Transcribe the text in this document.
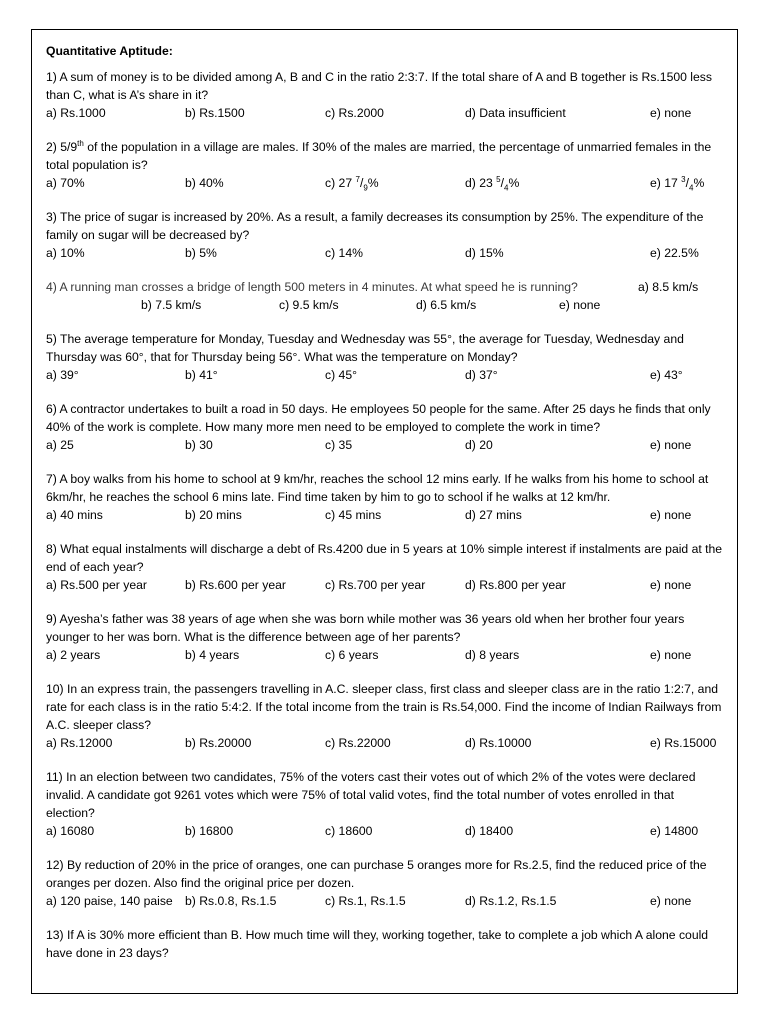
Quantitative Aptitude:
1) A sum of money is to be divided among A, B and C in the ratio 2:3:7. If the total share of A and B together is Rs.1500 less than C, what is A’s share in it?
a) Rs.1000	b) Rs.1500	c) Rs.2000	d) Data insufficient	e) none
2) 5/9th of the population in a village are males. If 30% of the males are married, the percentage of unmarried females in the total population is?
a) 70%	b) 40%	c) 27 $^7/_9\%$	d) 23 $^5/_4\%$	e) 17 $^3/_4\%$
3) The price of sugar is increased by 20%. As a result, a family decreases its consumption by 25%. The expenditure of the family on sugar will be decreased by?
a) 10%	b) 5%	c) 14%	d) 15%	e) 22.5%
4) A running man crosses a bridge of length 500 meters in 4 minutes. At what speed he is running?	a) 8.5 km/s
b) 7.5 km/s	c) 9.5 km/s	d) 6.5 km/s	e) none
5) The average temperature for Monday, Tuesday and Wednesday was 55°, the average for Tuesday, Wednesday and Thursday was 60°, that for Thursday being 56°. What was the temperature on Monday?
a) 39°	b) 41°	c) 45°	d) 37°	e) 43°
6) A contractor undertakes to built a road in 50 days. He employees 50 people for the same. After 25 days he finds that only 40% of the work is complete. How many more men need to be employed to complete the work in time?
a) 25	b) 30	c) 35	d) 20	e) none
7) A boy walks from his home to school at 9 km/hr, reaches the school 12 mins early. If he walks from his home to school at 6km/hr, he reaches the school 6 mins late. Find time taken by him to go to school if he walks at 12 km/hr.
a) 40 mins	b) 20 mins	c) 45 mins	d) 27 mins	e) none
8) What equal instalments will discharge a debt of Rs.4200 due in 5 years at 10% simple interest if instalments are paid at the end of each year?
a) Rs.500 per year	b) Rs.600 per year	c) Rs.700 per year	d) Rs.800 per year	e) none
9) Ayesha’s father was 38 years of age when she was born while mother was 36 years old when her brother four years younger to her was born. What is the difference between age of her parents?
a) 2 years	b) 4 years	c) 6 years	d) 8 years	e) none
10) In an express train, the passengers travelling in A.C. sleeper class, first class and sleeper class are in the ratio 1:2:7, and rate for each class is in the ratio 5:4:2. If the total income from the train is Rs.54,000. Find the income of Indian Railways from A.C. sleeper class?
a) Rs.12000	b) Rs.20000	c) Rs.22000	d) Rs.10000	e) Rs.15000
11) In an election between two candidates, 75% of the voters cast their votes out of which 2% of the votes were declared invalid. A candidate got 9261 votes which were 75% of total valid votes, find the total number of votes enrolled in that election?
a) 16080	b) 16800	c) 18600	d) 18400	e) 14800
12) By reduction of 20% in the price of oranges, one can purchase 5 oranges more for Rs.2.5, find the reduced price of the oranges per dozen. Also find the original price per dozen.
a) 120 paise, 140 paise b) Rs.0.8, Rs.1.5	c) Rs.1, Rs.1.5	d) Rs.1.2, Rs.1.5	e) none
13) If A is 30% more efficient than B. How much time will they, working together, take to complete a job which A alone could have done in 23 days?
